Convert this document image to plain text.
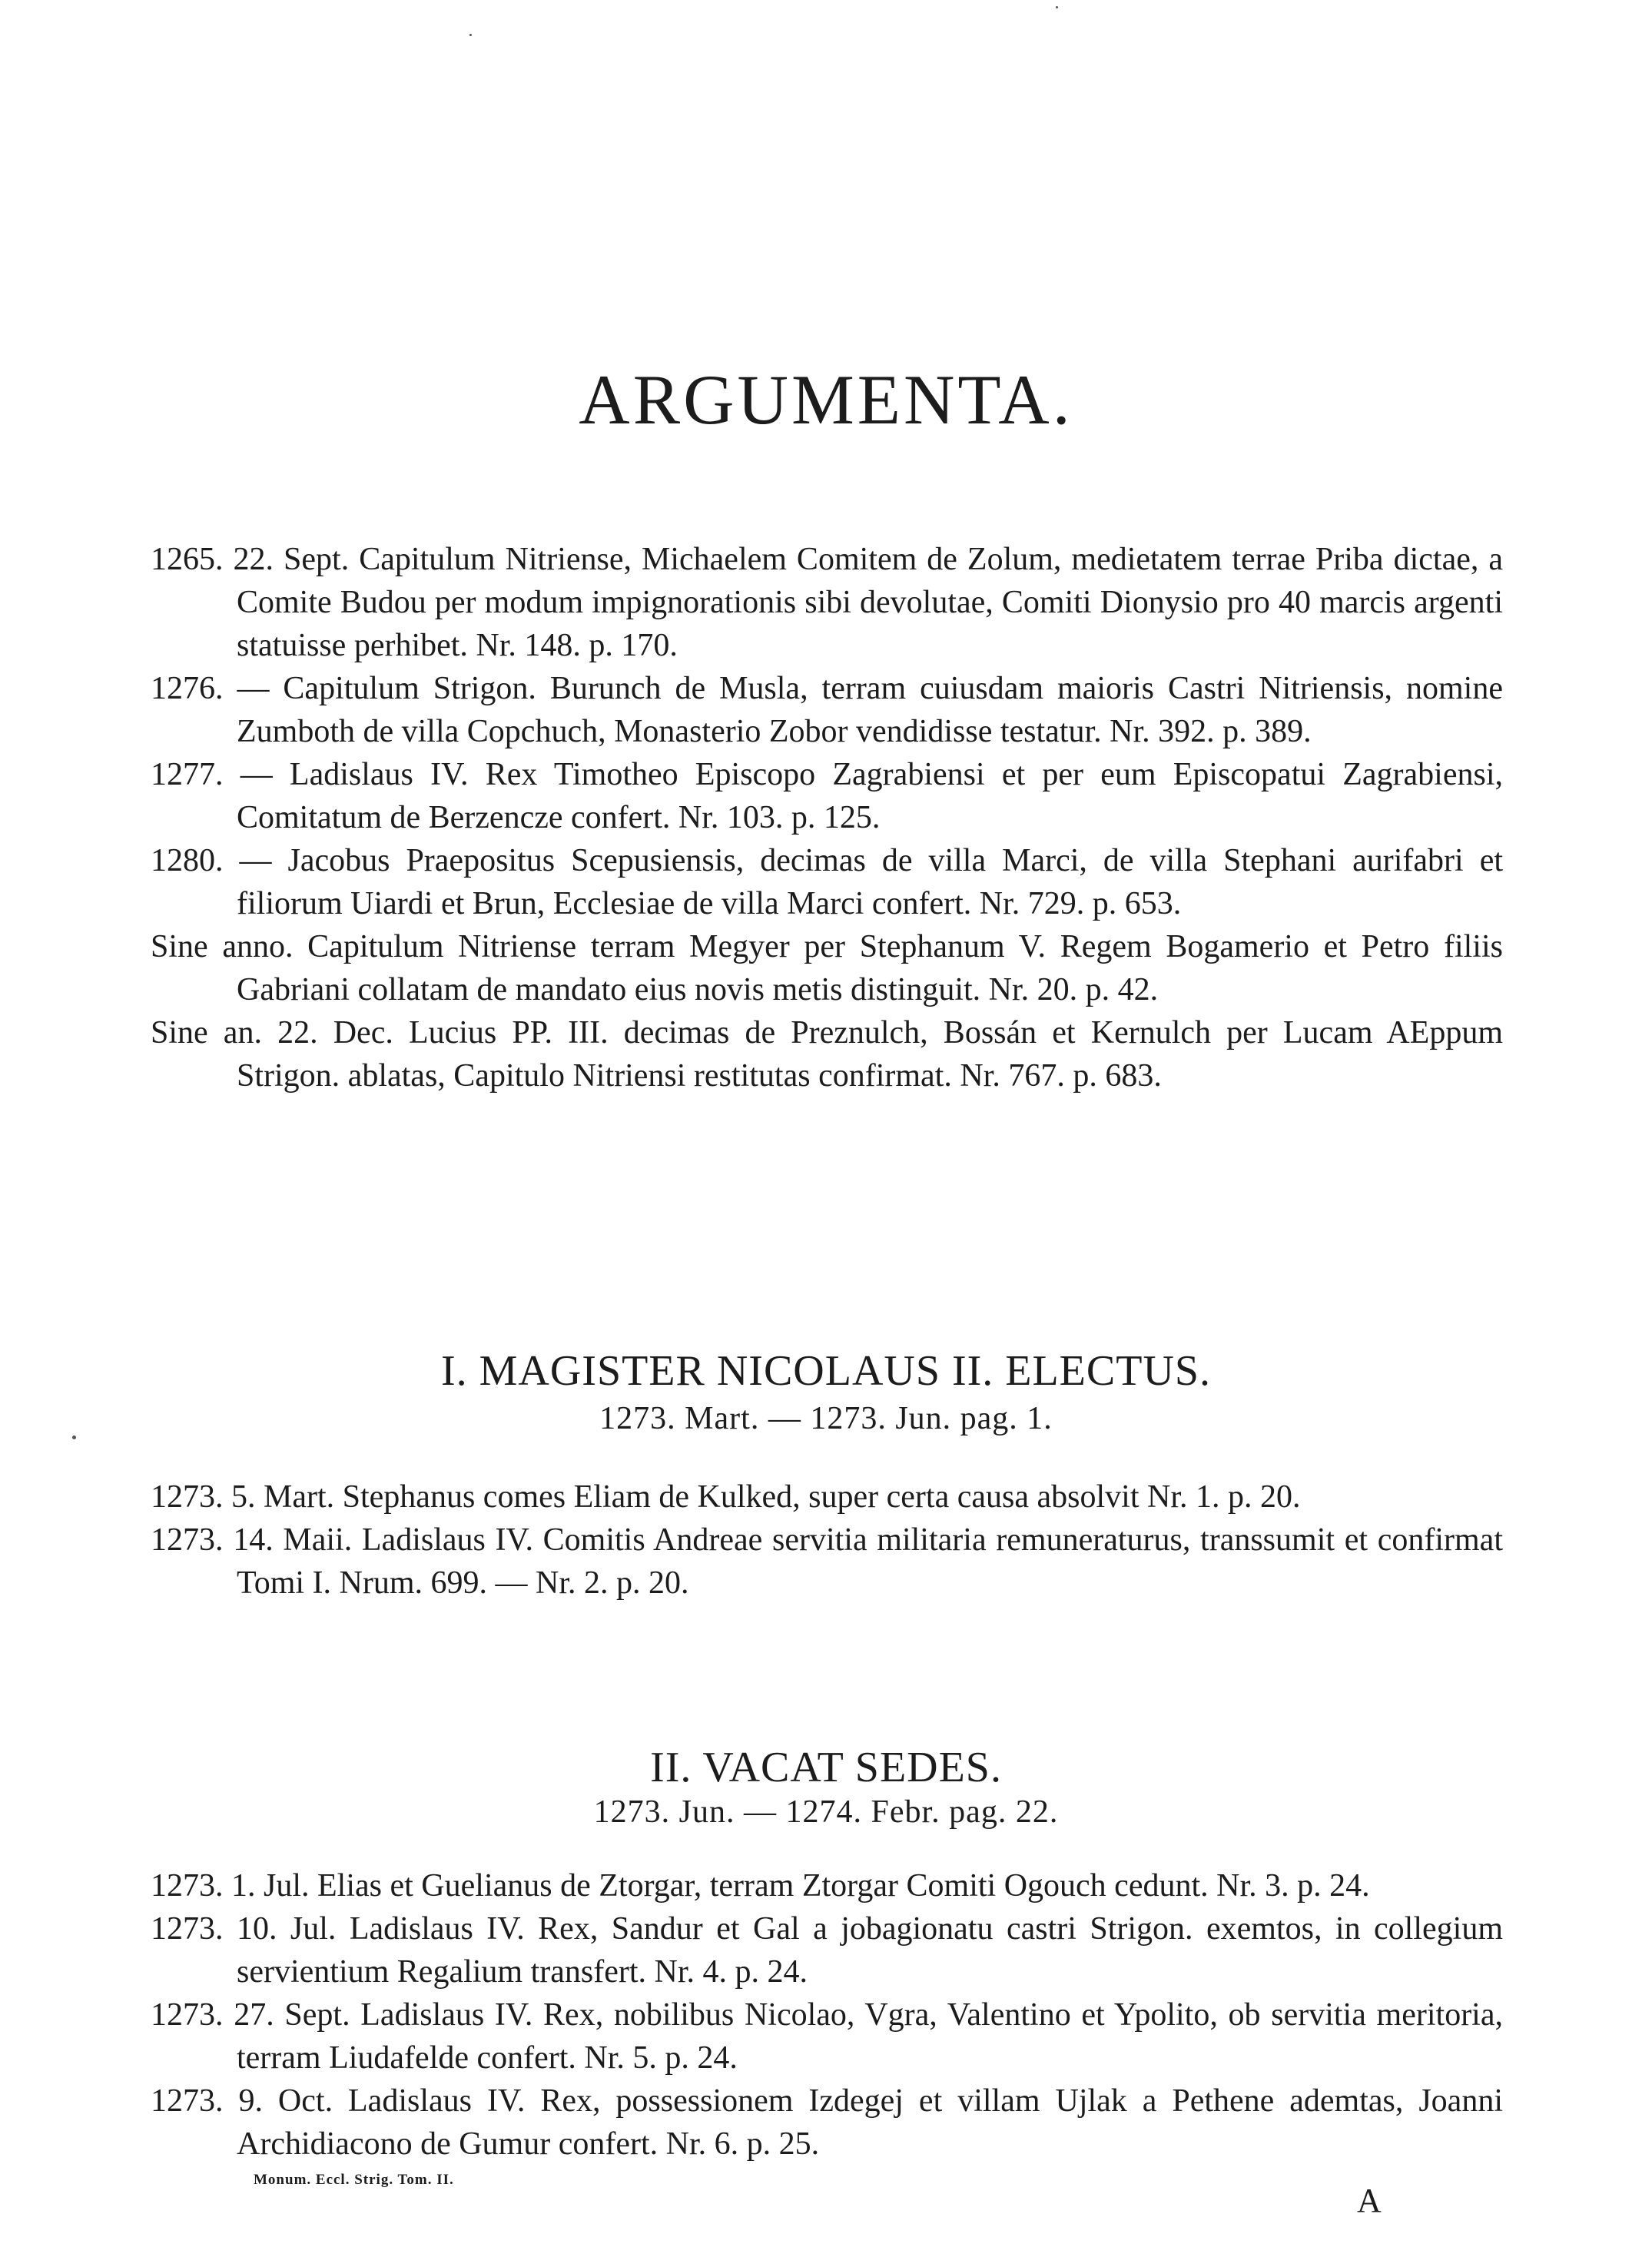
ARGUMENTA.

1265. 22. Sept. Capitulum Nitriense, Michaelem Comitem de Zolum, medietatem terrae Priba dictae, a Comite Budou per modum impignorationis sibi devolutae, Comiti Dionysio pro 40 marcis argenti statuisse perhibet. Nr. 148. p. 170.

1276. — Capitulum Strigon. Burunch de Musla, terram cuiusdam maioris Castri Nitriensis, nomine Zumboth de villa Copchuch, Monasterio Zobor vendidisse testatur. Nr. 392. p. 389.

1277. — Ladislaus IV. Rex Timotheo Episcopo Zagrabiensi et per eum Episcopatui Zagrabiensi, Comitatum de Berzencze confert. Nr. 103. p. 125.

1280. — Jacobus Praepositus Scepusiensis, decimas de villa Marci, de villa Stephani aurifabri et filiorum Uiardi et Brun, Ecclesiae de villa Marci confert. Nr. 729. p. 653.

Sine anno. Capitulum Nitriense terram Megyer per Stephanum V. Regem Bogamerio et Petro filiis Gabriani collatam de mandato eius novis metis distinguit. Nr. 20. p. 42.

Sine an. 22. Dec. Lucius PP. III. decimas de Preznulch, Bossán et Kernulch per Lucam AEppum Strigon. ablatas, Capitulo Nitriensi restitutas confirmat. Nr. 767. p. 683.

I. MAGISTER NICOLAUS II. ELECTUS.
1273. Mart. — 1273. Jun. pag. 1.

1273. 5. Mart. Stephanus comes Eliam de Kulked, super certa causa absolvit Nr. 1. p. 20.

1273. 14. Maii. Ladislaus IV. Comitis Andreae servitia militaria remuneraturus, transsumit et confirmat Tomi I. Nrum. 699. — Nr. 2. p. 20.

II. VACAT SEDES.
1273. Jun. — 1274. Febr. pag. 22.

1273. 1. Jul. Elias et Guelianus de Ztorgar, terram Ztorgar Comiti Ogouch cedunt. Nr. 3. p. 24.

1273. 10. Jul. Ladislaus IV. Rex, Sandur et Gal a jobagionatu castri Strigon. exemtos, in collegium servientium Regalium transfert. Nr. 4. p. 24.

1273. 27. Sept. Ladislaus IV. Rex, nobilibus Nicolao, Vgra, Valentino et Ypolito, ob servitia meritoria, terram Liudafelde confert. Nr. 5. p. 24.

1273. 9. Oct. Ladislaus IV. Rex, possessionem Izdegej et villam Ujlak a Pethene ademtas, Joanni Archidiacono de Gumur confert. Nr. 6. p. 25.

Monum. Eccl. Strig. Tom. II.
A
